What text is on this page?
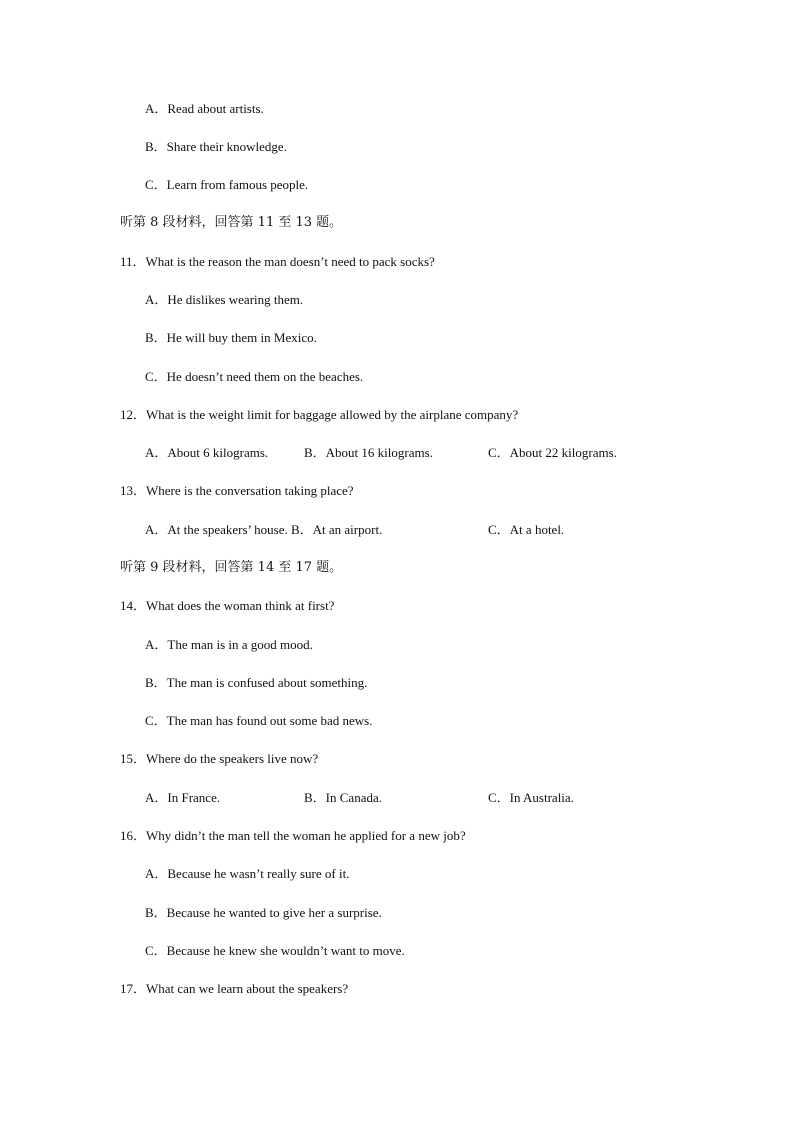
A．Read about artists.
B．Share their knowledge.
C．Learn from famous people.
听第 8 段材料，回答第 11 至 13 题。
11．What is the reason the man doesn’t need to pack socks?
A．He dislikes wearing them.
B．He will buy them in Mexico.
C．He doesn’t need them on the beaches.
12．What is the weight limit for baggage allowed by the airplane company?
A．About 6 kilograms.	B．About 16 kilograms.	C．About 22 kilograms.
13．Where is the conversation taking place?
A．At the speakers’ house. B．At an airport.	C．At a hotel.
听第 9 段材料，回答第 14 至 17 题。
14．What does the woman think at first?
A．The man is in a good mood.
B．The man is confused about something.
C．The man has found out some bad news.
15．Where do the speakers live now?
A．In France.	B．In Canada.	C．In Australia.
16．Why didn’t the man tell the woman he applied for a new job?
A．Because he wasn’t really sure of it.
B．Because he wanted to give her a surprise.
C．Because he knew she wouldn’t want to move.
17．What can we learn about the speakers?
